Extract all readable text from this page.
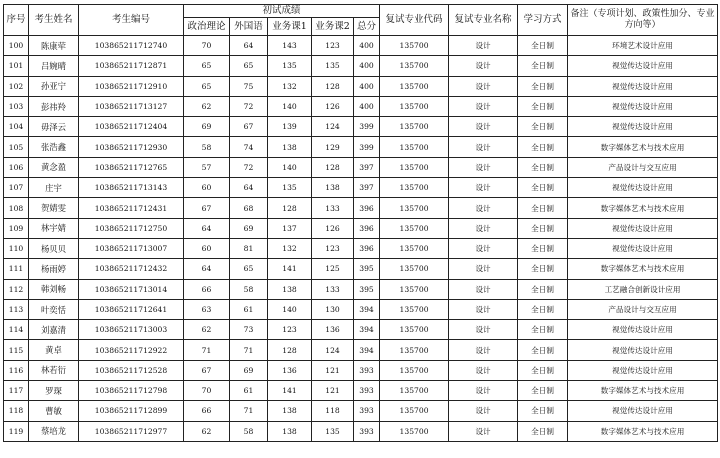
序号	考生姓名	考生编号	初试成绩					复试专业代码	复试专业名称	学习方式	备注（专项计划、政策性加分、专业方向等）
			政治理论	外国语	业务课1	业务课2	总分				
100	陈康荦	103865211712740	70	64	143	123	400	135700	设计	全日制	环境艺术设计应用
101	吕婉晴	103865211712871	65	65	135	135	400	135700	设计	全日制	视觉传达设计应用
102	孙亚宁	103865211712910	65	75	132	128	400	135700	设计	全日制	视觉传达设计应用
103	彭祎羚	103865211713127	62	72	140	126	400	135700	设计	全日制	视觉传达设计应用
104	毋泽云	103865211712404	69	67	139	124	399	135700	设计	全日制	视觉传达设计应用
105	张浩鑫	103865211712930	58	74	138	129	399	135700	设计	全日制	数字媒体艺术与技术应用
106	黄念盈	103865211712765	57	72	140	128	397	135700	设计	全日制	产品设计与交互应用
107	庄宇	103865211713143	60	64	135	138	397	135700	设计	全日制	视觉传达设计应用
108	贺婧雯	103865211712431	67	68	128	133	396	135700	设计	全日制	数字媒体艺术与技术应用
109	林宇婧	103865211712750	64	69	137	126	396	135700	设计	全日制	视觉传达设计应用
110	杨贝贝	103865211713007	60	81	132	123	396	135700	设计	全日制	视觉传达设计应用
111	杨雨婷	103865211712432	64	65	141	125	395	135700	设计	全日制	数字媒体艺术与技术应用
112	韩刘畅	103865211713014	66	58	138	133	395	135700	设计	全日制	工艺融合创新设计应用
113	叶奕恬	103865211712641	63	61	140	130	394	135700	设计	全日制	产品设计与交互应用
114	刘嘉清	103865211713003	62	73	123	136	394	135700	设计	全日制	视觉传达设计应用
115	黄卓	103865211712922	71	71	128	124	394	135700	设计	全日制	视觉传达设计应用
116	林若衍	103865211712528	67	69	136	121	393	135700	设计	全日制	视觉传达设计应用
117	罗琛	103865211712798	70	61	141	121	393	135700	设计	全日制	数字媒体艺术与技术应用
118	曹敏	103865211712899	66	71	138	118	393	135700	设计	全日制	视觉传达设计应用
119	蔡培龙	103865211712977	62	58	138	135	393	135700	设计	全日制	数字媒体艺术与技术应用
